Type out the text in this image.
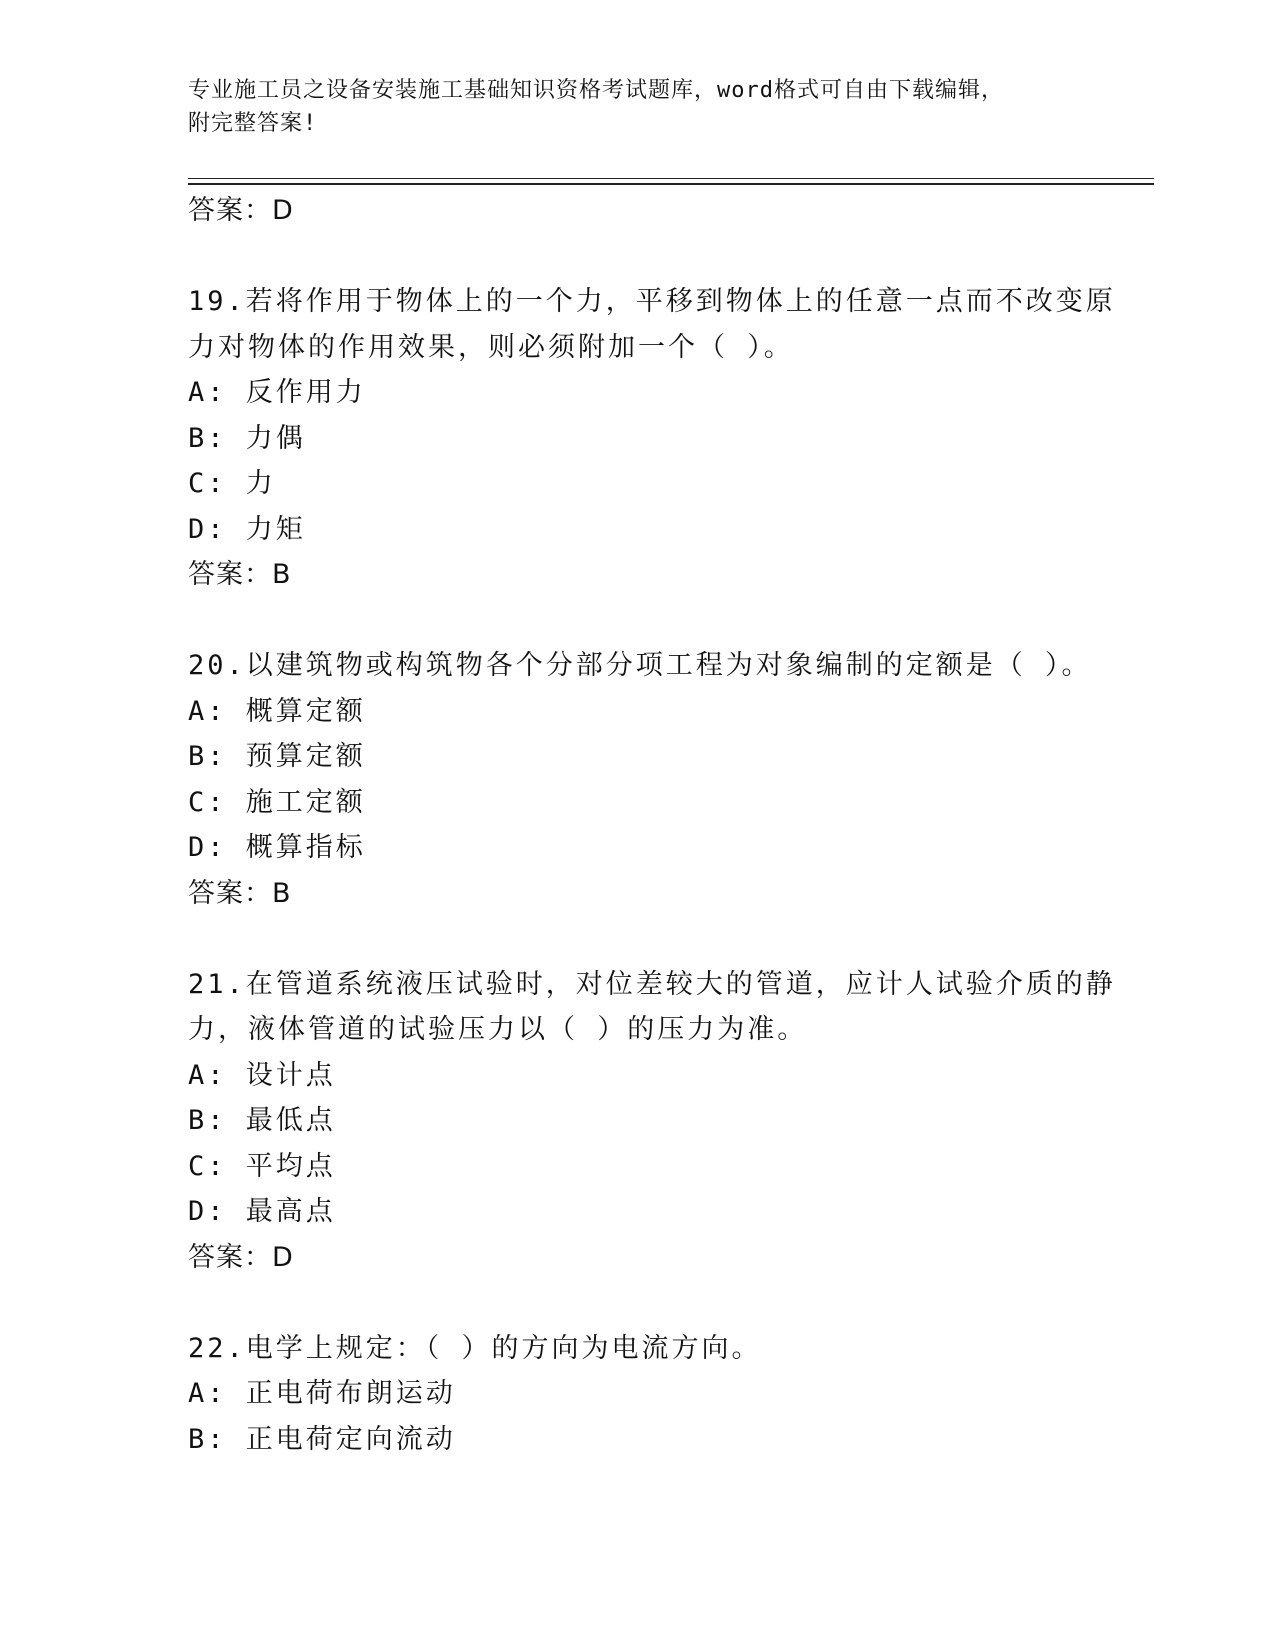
专业施工员之设备安装施工基础知识资格考试题库，word格式可自由下载编辑，
附完整答案!
答案：D
19.若将作用于物体上的一个力，平移到物体上的任意一点而不改变原
力对物体的作用效果，则必须附加一个（ ）。
A: 反作用力
B: 力偶
C: 力
D: 力矩
答案：B
20.以建筑物或构筑物各个分部分项工程为对象编制的定额是（ ）。
A: 概算定额
B: 预算定额
C: 施工定额
D: 概算指标
答案：B
21.在管道系统液压试验时，对位差较大的管道，应计人试验介质的静
力，液体管道的试验压力以（ ）的压力为准。
A: 设计点
B: 最低点
C: 平均点
D: 最高点
答案：D
22.电学上规定：（ ）的方向为电流方向。
A: 正电荷布朗运动
B: 正电荷定向流动
